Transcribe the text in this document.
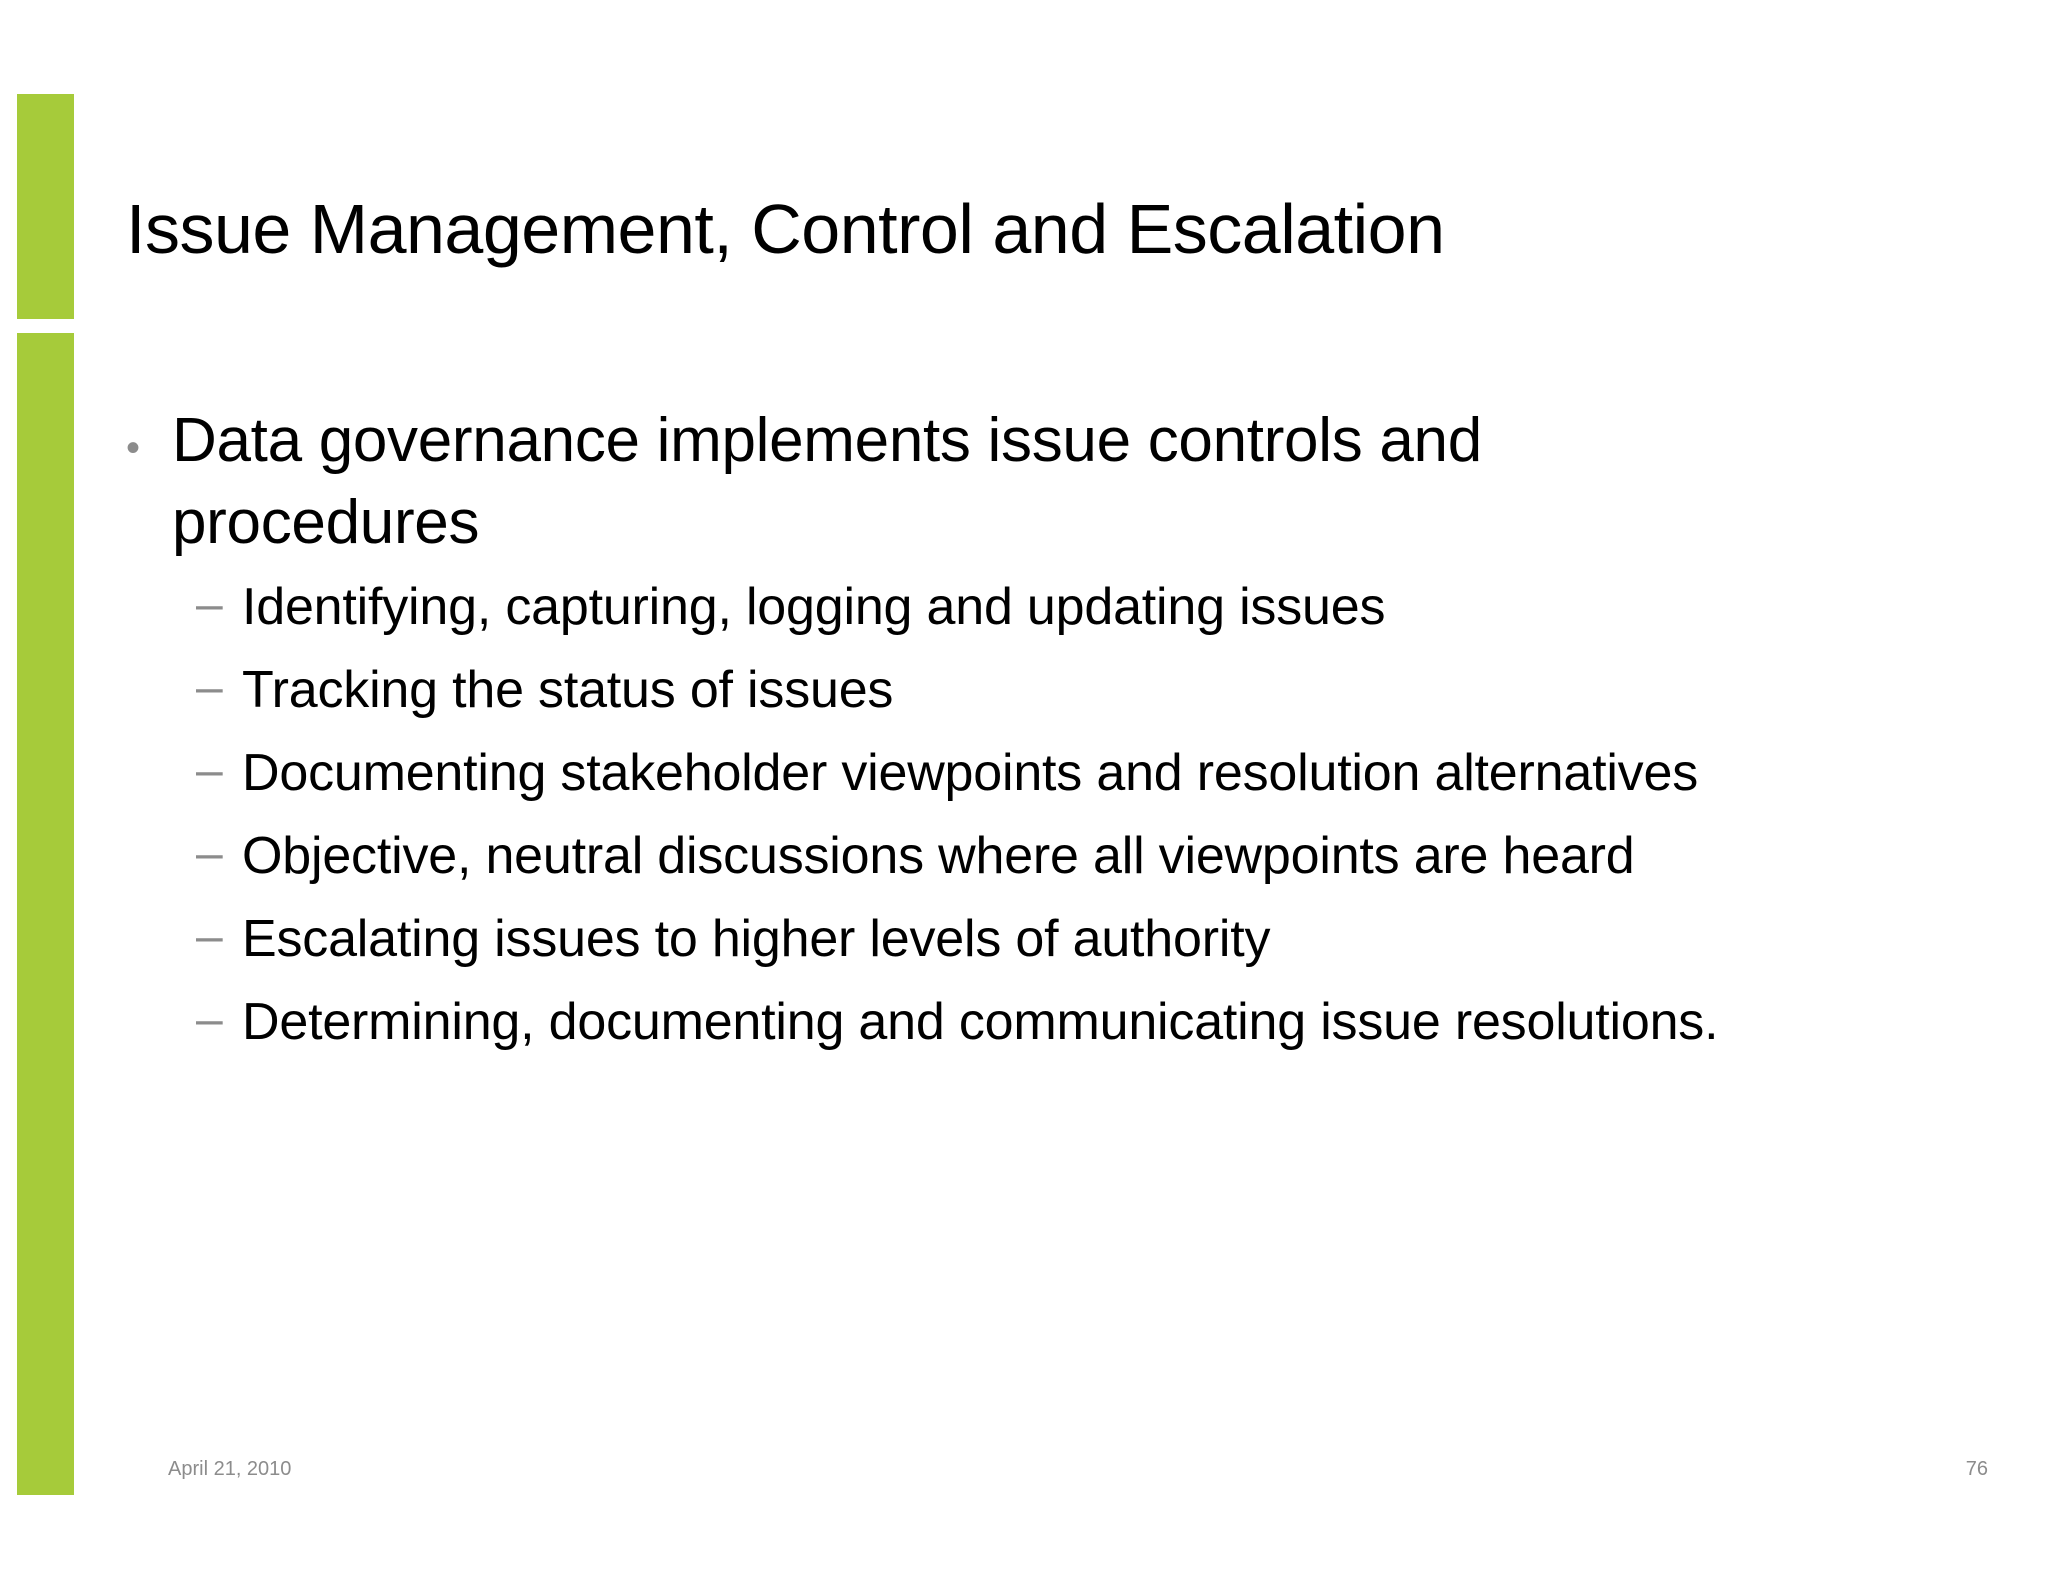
Issue Management, Control and Escalation
• Data governance implements issue controls and procedures
– Identifying, capturing, logging and updating issues
– Tracking the status of issues
– Documenting stakeholder viewpoints and resolution alternatives
– Objective, neutral discussions where all viewpoints are heard
– Escalating issues to higher levels of authority
– Determining, documenting and communicating issue resolutions.
April 21, 2010	76
